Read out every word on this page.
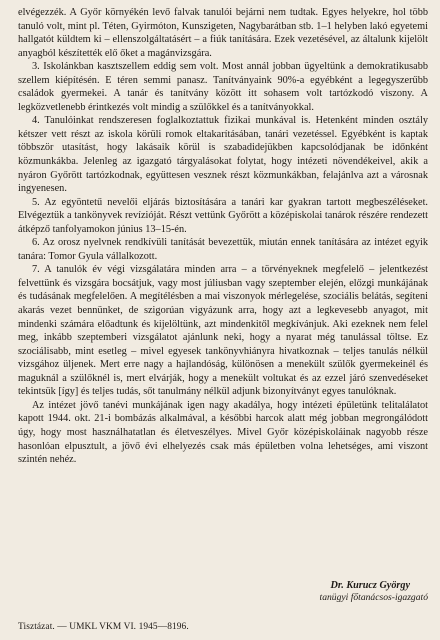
elvégezzék. A Győr környékén levő falvak tanulói bejárni nem tudtak. Egyes helyekre, hol több tanuló volt, mint pl. Téten, Gyirmóton, Kunszigeten, Nagybarátban stb. 1–1 helyben lakó egyetemi hallgatót küldtem ki – ellenszolgáltatásért – a fiúk tanítására. Ezek vezetésével, az általunk kijelölt anyagból készítették elő őket a magánvizsgára.

3. Iskolánkban kasztszellem eddig sem volt. Most annál jobban ügyeltünk a demokratikusabb szellem kiépítésén. E téren semmi panasz. Tanítványaink 90%-a egyébként a legegyszerűbb családok gyermekei. A tanár és tanítvány között itt sohasem volt tartózkodó viszony. A legközvetlenebb érintkezés volt mindig a szülőkkel és a tanítványokkal.

4. Tanulóinkat rendszeresen foglalkoztattuk fizikai munkával is. Hetenként minden osztály kétszer vett részt az iskola körüli romok eltakarításában, tanári vezetéssel. Egyébként is kaptak többször utasítást, hogy lakásaik körül is szabadidejükben kapcsolódjanak be időnként közmunkákba. Jelenleg az igazgató tárgyalásokat folytat, hogy intézeti növendékeivel, akik a nyáron Győrött tartózkodnak, együttesen vesznek részt közmunkákban, felajánlva azt a városnak ingyenesen.

5. Az egyöntetű nevelői eljárás biztosítására a tanári kar gyakran tartott megbeszéléseket. Elvégeztük a tankönyvek revízióját. Részt vettünk Győrött a középiskolai tanárok részére rendezett átképző tanfolyamokon június 13–15-én.

6. Az orosz nyelvnek rendkívüli tanítását bevezettük, miután ennek tanítására az intézet egyik tanára: Tomor Gyula vállalkozott.

7. A tanulók év végi vizsgálatára minden arra – a törvényeknek megfelelő – jelentkezést felvettünk és vizsgára bocsátjuk, vagy most júliusban vagy szeptember elején, előzgi munkájának és tudásának megfelelően. A megítélésben a mai viszonyok mérlegelése, szociális belátás, segíteni akarás vezet bennünket, de szigorúan vigyázunk arra, hogy azt a legkevesebb anyagot, mit mindenki számára előadtunk és kijelöltünk, azt mindenkitől megkívánjuk. Aki ezeknek nem felel meg, inkább szeptemberi vizsgálatot ajánlunk neki, hogy a nyarat még tanulással töltse. Ez szociálisabb, mint esetleg – mivel egyesek tankönyvhiányra hivatkoznak – teljes tanulás nélkül vizsgához üljenek. Mert erre nagy a hajlandóság, különösen a menekült szülők gyermekeinél és maguknál a szülőknél is, mert elvárják, hogy a menekült voltukat és az ezzel járó szenvedéseket tekintsük [így] és teljes tudás, sőt tanulmány nélkül adjunk bizonyítványt egyes tanulóknak.

Az intézet jövő tanévi munkájának igen nagy akadálya, hogy intézeti épületünk telitalálatot kapott 1944. okt. 21-i bombázás alkalmával, a későbbi harcok alatt még jobban megrongálódott úgy, hogy most használhatatlan és életveszélyes. Mivel Győr középiskoláinak nagyobb része hasonlóan elpusztult, a jövő évi elhelyezés csak más épületben volna lehetséges, ami viszont szintén nehéz.

Dr. Kurucz György
tanügyi főtanácsos-igazgató
Tisztázat. — UMKL VKM VI. 1945—8196.
